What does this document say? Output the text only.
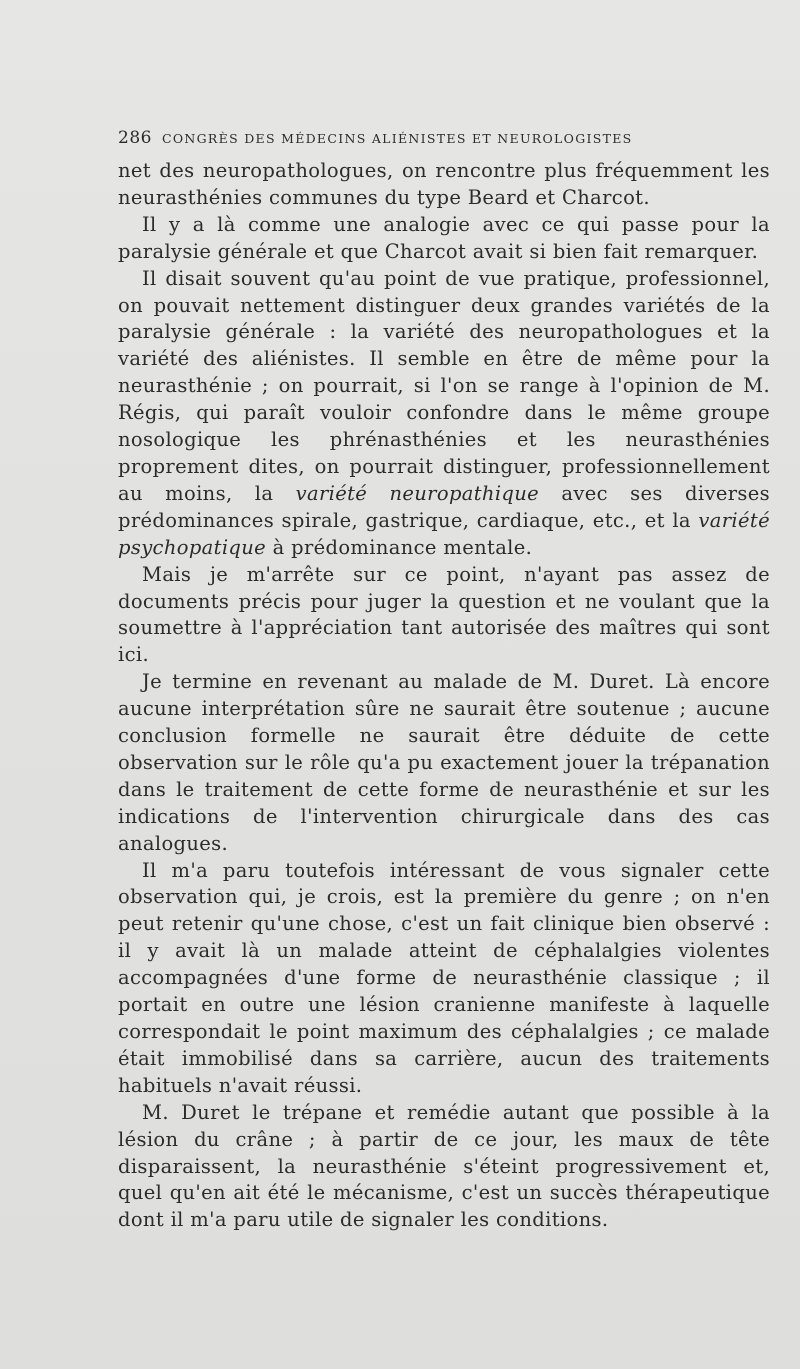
286 CONGRÈS DES MÉDECINS ALIÉNISTES ET NEUROLOGISTES

net des neuropathologues, on rencontre plus fréquemment les neurasthénies communes du type Beard et Charcot.

Il y a là comme une analogie avec ce qui passe pour la paralysie générale et que Charcot avait si bien fait remarquer.

Il disait souvent qu'au point de vue pratique, professionnel, on pouvait nettement distinguer deux grandes variétés de la paralysie générale : la variété des neuropathologues et la variété des aliénistes. Il semble en être de même pour la neurasthénie ; on pourrait, si l'on se range à l'opinion de M. Régis, qui paraît vouloir confondre dans le même groupe nosologique les phrénasthénies et les neurasthénies proprement dites, on pourrait distinguer, professionnellement au moins, la variété neuropathique avec ses diverses prédominances spirale, gastrique, cardiaque, etc., et la variété psychopatique à prédominance mentale.

Mais je m'arrête sur ce point, n'ayant pas assez de documents précis pour juger la question et ne voulant que la soumettre à l'appréciation tant autorisée des maîtres qui sont ici.

Je termine en revenant au malade de M. Duret. Là encore aucune interprétation sûre ne saurait être soutenue ; aucune conclusion formelle ne saurait être déduite de cette observation sur le rôle qu'a pu exactement jouer la trépanation dans le traitement de cette forme de neurasthénie et sur les indications de l'intervention chirurgicale dans des cas analogues.

Il m'a paru toutefois intéressant de vous signaler cette observation qui, je crois, est la première du genre ; on n'en peut retenir qu'une chose, c'est un fait clinique bien observé : il y avait là un malade atteint de céphalalgies violentes accompagnées d'une forme de neurasthénie classique ; il portait en outre une lésion cranienne manifeste à laquelle correspondait le point maximum des céphalalgies ; ce malade était immobilisé dans sa carrière, aucun des traitements habituels n'avait réussi.

M. Duret le trépane et remédie autant que possible à la lésion du crâne ; à partir de ce jour, les maux de tête disparaissent, la neurasthénie s'éteint progressivement et, quel qu'en ait été le mécanisme, c'est un succès thérapeutique dont il m'a paru utile de signaler les conditions.
